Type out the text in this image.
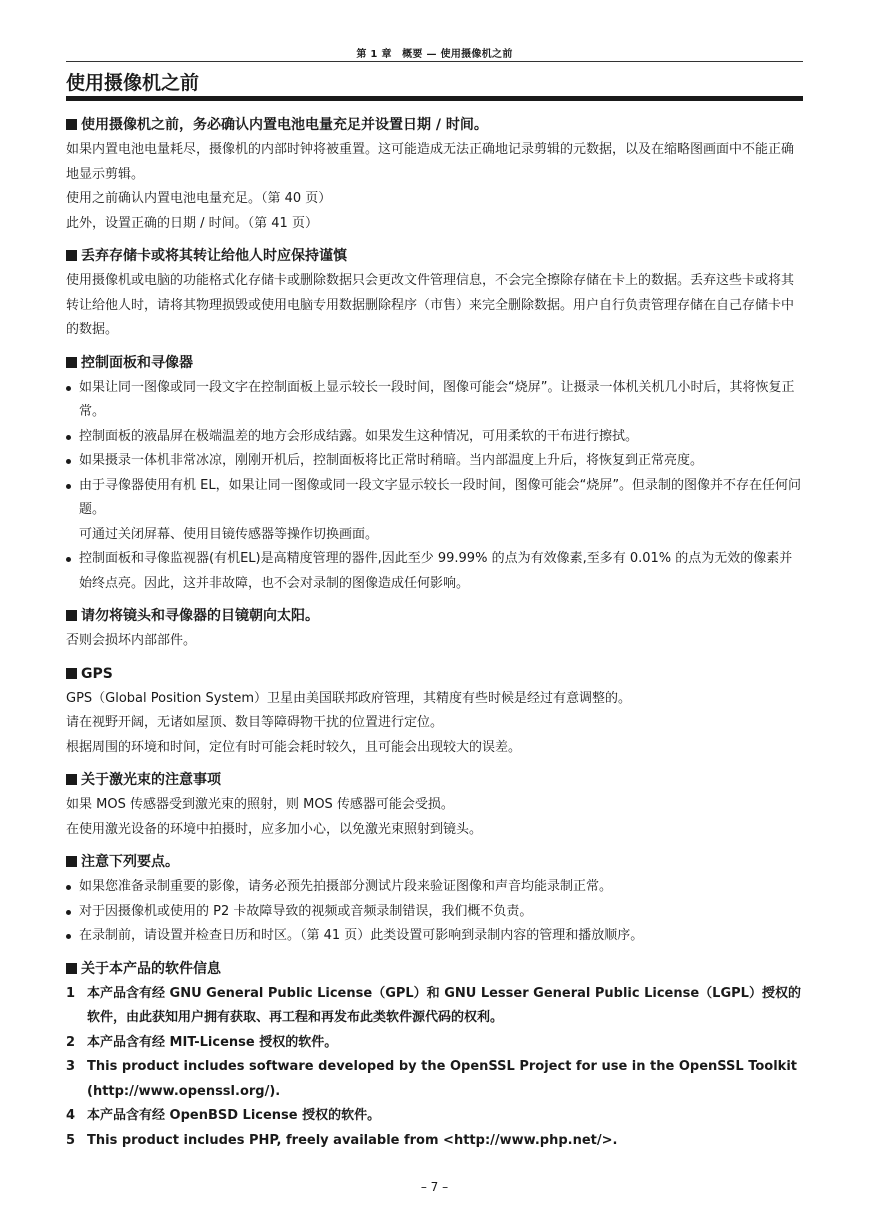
第 1 章　概要 — 使用摄像机之前
使用摄像机之前
使用摄像机之前，务必确认内置电池电量充足并设置日期 / 时间。
如果内置电池电量耗尽，摄像机的内部时钟将被重置。这可能造成无法正确地记录剪辑的元数据，以及在缩略图画面中不能正确地显示剪辑。
使用之前确认内置电池电量充足。（第 40 页）
此外，设置正确的日期 / 时间。（第 41 页）
丢弃存储卡或将其转让给他人时应保持谨慎
使用摄像机或电脑的功能格式化存储卡或删除数据只会更改文件管理信息，不会完全擦除存储在卡上的数据。丢弃这些卡或将其转让给他人时，请将其物理损毁或使用电脑专用数据删除程序（市售）来完全删除数据。用户自行负责管理存储在自己存储卡中的数据。
控制面板和寻像器
如果让同一图像或同一段文字在控制面板上显示较长一段时间，图像可能会“烧屏”。让摄录一体机关机几小时后，其将恢复正常。
控制面板的液晶屏在极端温差的地方会形成结露。如果发生这种情况，可用柔软的干布进行擦拭。
如果摄录一体机非常冰凉，刚刚开机后，控制面板将比正常时稍暗。当内部温度上升后，将恢复到正常亮度。
由于寻像器使用有机 EL，如果让同一图像或同一段文字显示较长一段时间，图像可能会“烧屏”。但录制的图像并不存在任何问题。
可通过关闭屏幕、使用目镜传感器等操作切换画面。
控制面板和寻像监视器(有机EL)是高精度管理的器件,因此至少 99.99% 的点为有效像素,至多有 0.01% 的点为无效的像素并始终点亮。因此，这并非故障，也不会对录制的图像造成任何影响。
请勿将镜头和寻像器的目镜朝向太阳。
否则会损坏内部部件。
GPS
GPS（Global Position System）卫星由美国联邦政府管理，其精度有些时候是经过有意调整的。
请在视野开阔，无诸如屋顶、数目等障碍物干扰的位置进行定位。
根据周围的环境和时间，定位有时可能会耗时较久，且可能会出现较大的误差。
关于激光束的注意事项
如果 MOS 传感器受到激光束的照射，则 MOS 传感器可能会受损。
在使用激光设备的环境中拍摄时，应多加小心，以免激光束照射到镜头。
注意下列要点。
如果您准备录制重要的影像，请务必预先拍摄部分测试片段来验证图像和声音均能录制正常。
对于因摄像机或使用的 P2 卡故障导致的视频或音频录制错误，我们概不负责。
在录制前，请设置并检查日历和时区。（第 41 页）此类设置可影响到录制内容的管理和播放顺序。
关于本产品的软件信息
1 本产品含有经 GNU General Public License（GPL）和 GNU Lesser General Public License（LGPL）授权的软件，由此获知用户拥有获取、再工程和再发布此类软件源代码的权利。
2 本产品含有经 MIT-License 授权的软件。
3 This product includes software developed by the OpenSSL Project for use in the OpenSSL Toolkit (http://www.openssl.org/).
4 本产品含有经 OpenBSD License 授权的软件。
5 This product includes PHP, freely available from <http://www.php.net/>.
– 7 –
